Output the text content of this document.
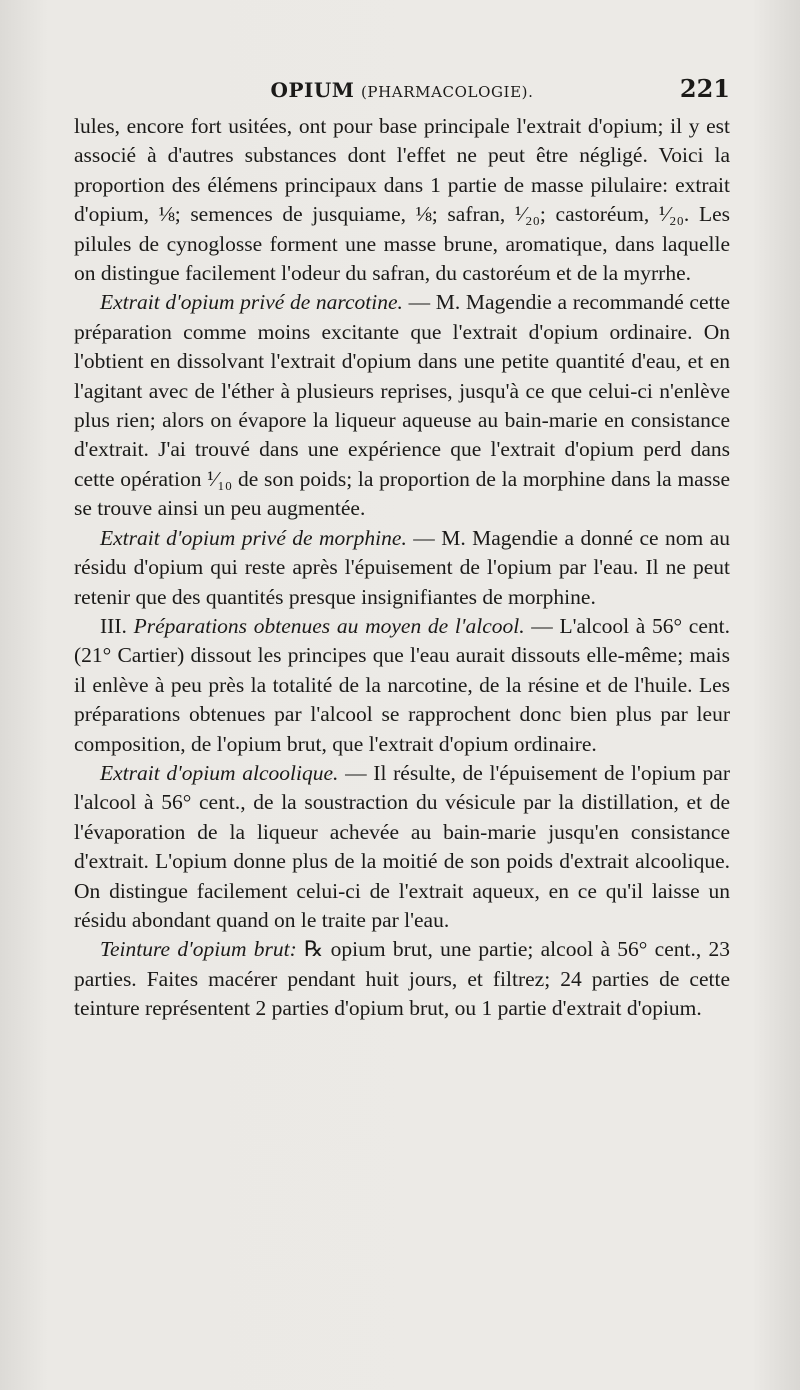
OPIUM (PHARMACOLOGIE).	221

lules, encore fort usitées, ont pour base principale l'extrait d'opium; il y est associé à d'autres substances dont l'effet ne peut être négligé. Voici la proportion des élémens principaux dans 1 partie de masse pilulaire: extrait d'opium, ⅛; semences de jusquiame, ⅛; safran, ¹⁄₂₀; castoréum, ¹⁄₂₀. Les pilules de cynoglosse forment une masse brune, aromatique, dans laquelle on distingue facilement l'odeur du safran, du castoréum et de la myrrhe.

Extrait d'opium privé de narcotine. — M. Magendie a recommandé cette préparation comme moins excitante que l'extrait d'opium ordinaire. On l'obtient en dissolvant l'extrait d'opium dans une petite quantité d'eau, et en l'agitant avec de l'éther à plusieurs reprises, jusqu'à ce que celui-ci n'enlève plus rien; alors on évapore la liqueur aqueuse au bain-marie en consistance d'extrait. J'ai trouvé dans une expérience que l'extrait d'opium perd dans cette opération ¹⁄₁₀ de son poids; la proportion de la morphine dans la masse se trouve ainsi un peu augmentée.

Extrait d'opium privé de morphine. — M. Magendie a donné ce nom au résidu d'opium qui reste après l'épuisement de l'opium par l'eau. Il ne peut retenir que des quantités presque insignifiantes de morphine.

III. Préparations obtenues au moyen de l'alcool. — L'alcool à 56° cent. (21° Cartier) dissout les principes que l'eau aurait dissouts elle-même; mais il enlève à peu près la totalité de la narcotine, de la résine et de l'huile. Les préparations obtenues par l'alcool se rapprochent donc bien plus par leur composition, de l'opium brut, que l'extrait d'opium ordinaire.

Extrait d'opium alcoolique. — Il résulte, de l'épuisement de l'opium par l'alcool à 56° cent., de la soustraction du vésicule par la distillation, et de l'évaporation de la liqueur achevée au bain-marie jusqu'en consistance d'extrait. L'opium donne plus de la moitié de son poids d'extrait alcoolique. On distingue facilement celui-ci de l'extrait aqueux, en ce qu'il laisse un résidu abondant quand on le traite par l'eau.

Teinture d'opium brut: ℞ opium brut, une partie; alcool à 56° cent., 23 parties. Faites macérer pendant huit jours, et filtrez; 24 parties de cette teinture représentent 2 parties d'opium brut, ou 1 partie d'extrait d'opium.
